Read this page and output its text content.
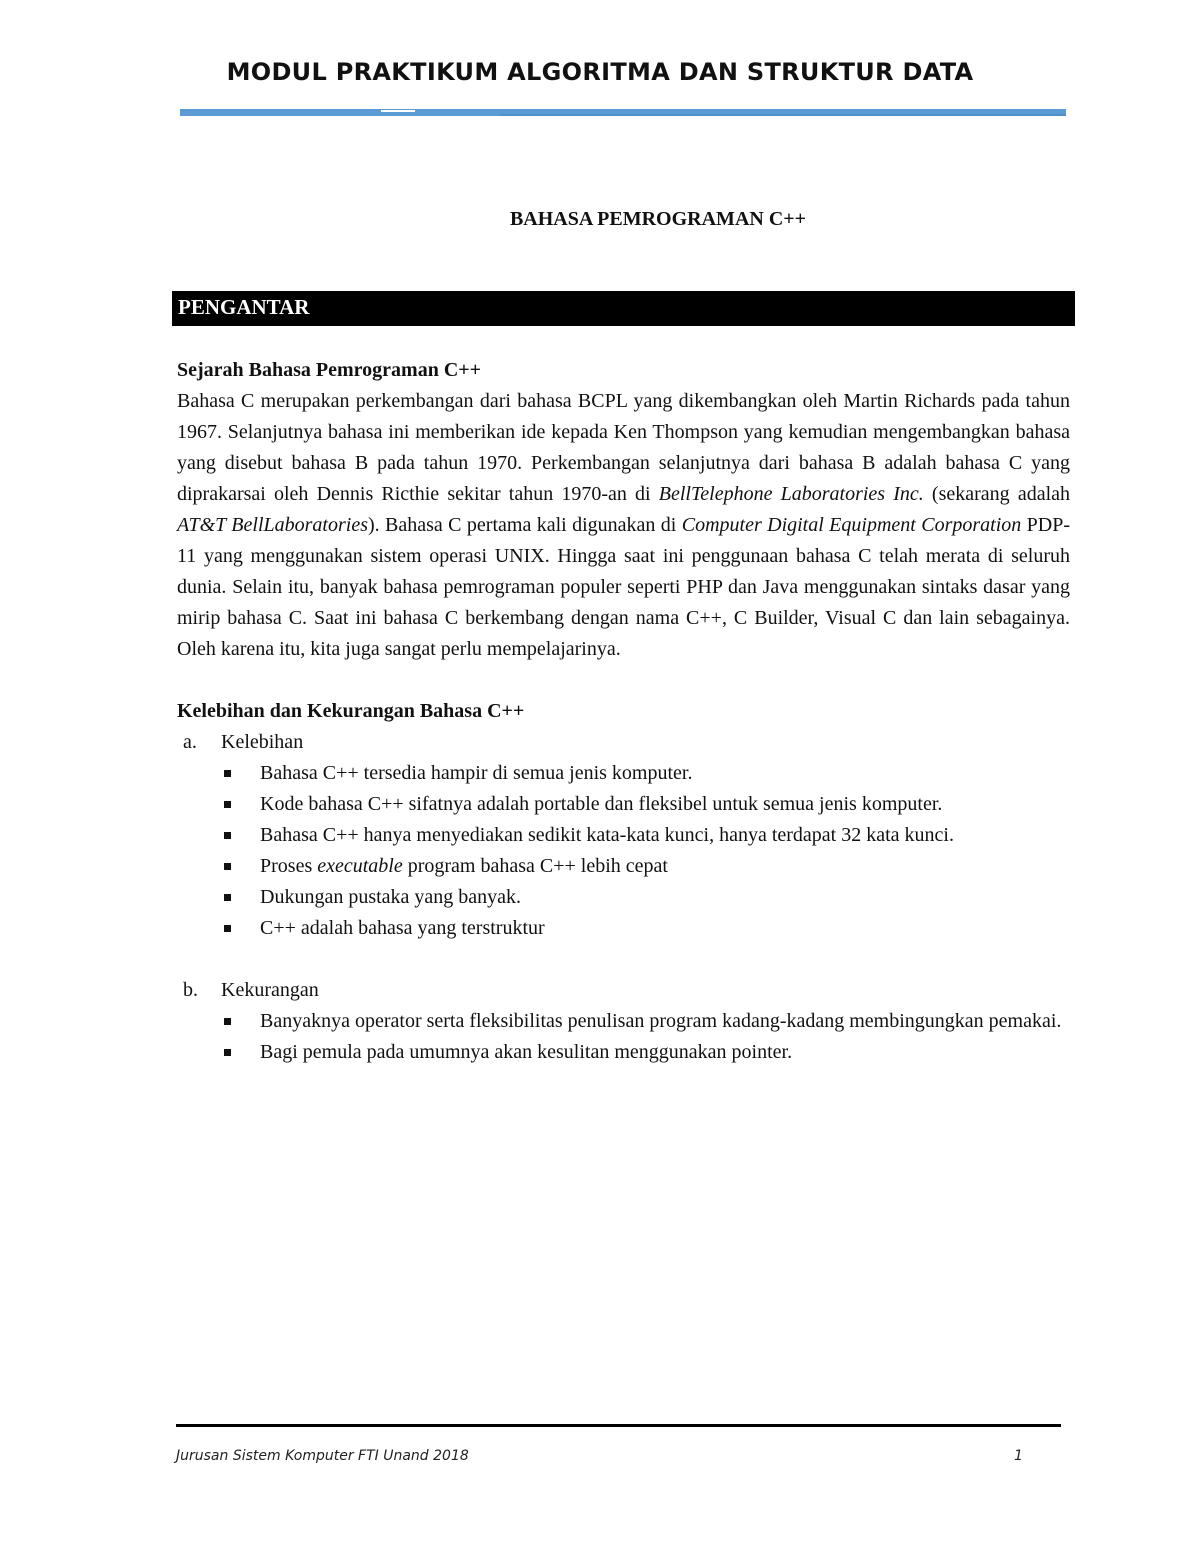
MODUL PRAKTIKUM ALGORITMA DAN STRUKTUR DATA
BAHASA PEMROGRAMAN C++
PENGANTAR

Sejarah Bahasa Pemrograman C++

Bahasa C merupakan perkembangan dari bahasa BCPL yang dikembangkan oleh Martin Richards pada tahun 1967. Selanjutnya bahasa ini memberikan ide kepada Ken Thompson yang kemudian mengembangkan bahasa yang disebut bahasa B pada tahun 1970. Perkembangan selanjutnya dari bahasa B adalah bahasa C yang diprakarsai oleh Dennis Ricthie sekitar tahun 1970-an di BellTelephone Laboratories Inc. (sekarang adalah AT&T BellLaboratories). Bahasa C pertama kali digunakan di Computer Digital Equipment Corporation PDP-11 yang menggunakan sistem operasi UNIX. Hingga saat ini penggunaan bahasa C telah merata di seluruh dunia. Selain itu, banyak bahasa pemrograman populer seperti PHP dan Java menggunakan sintaks dasar yang mirip bahasa C. Saat ini bahasa C berkembang dengan nama C++, C Builder, Visual C dan lain sebagainya. Oleh karena itu, kita juga sangat perlu mempelajarinya.

Kelebihan dan Kekurangan Bahasa C++

a. Kelebihan

Bahasa C++ tersedia hampir di semua jenis komputer.
Kode bahasa C++ sifatnya adalah portable dan fleksibel untuk semua jenis komputer.
Bahasa C++ hanya menyediakan sedikit kata-kata kunci, hanya terdapat 32 kata kunci.
Proses executable program bahasa C++ lebih cepat
Dukungan pustaka yang banyak.
C++ adalah bahasa yang terstruktur

b. Kekurangan

Banyaknya operator serta fleksibilitas penulisan program kadang-kadang membingungkan pemakai.
Bagi pemula pada umumnya akan kesulitan menggunakan pointer.
Jurusan Sistem Komputer FTI Unand 2018	1
